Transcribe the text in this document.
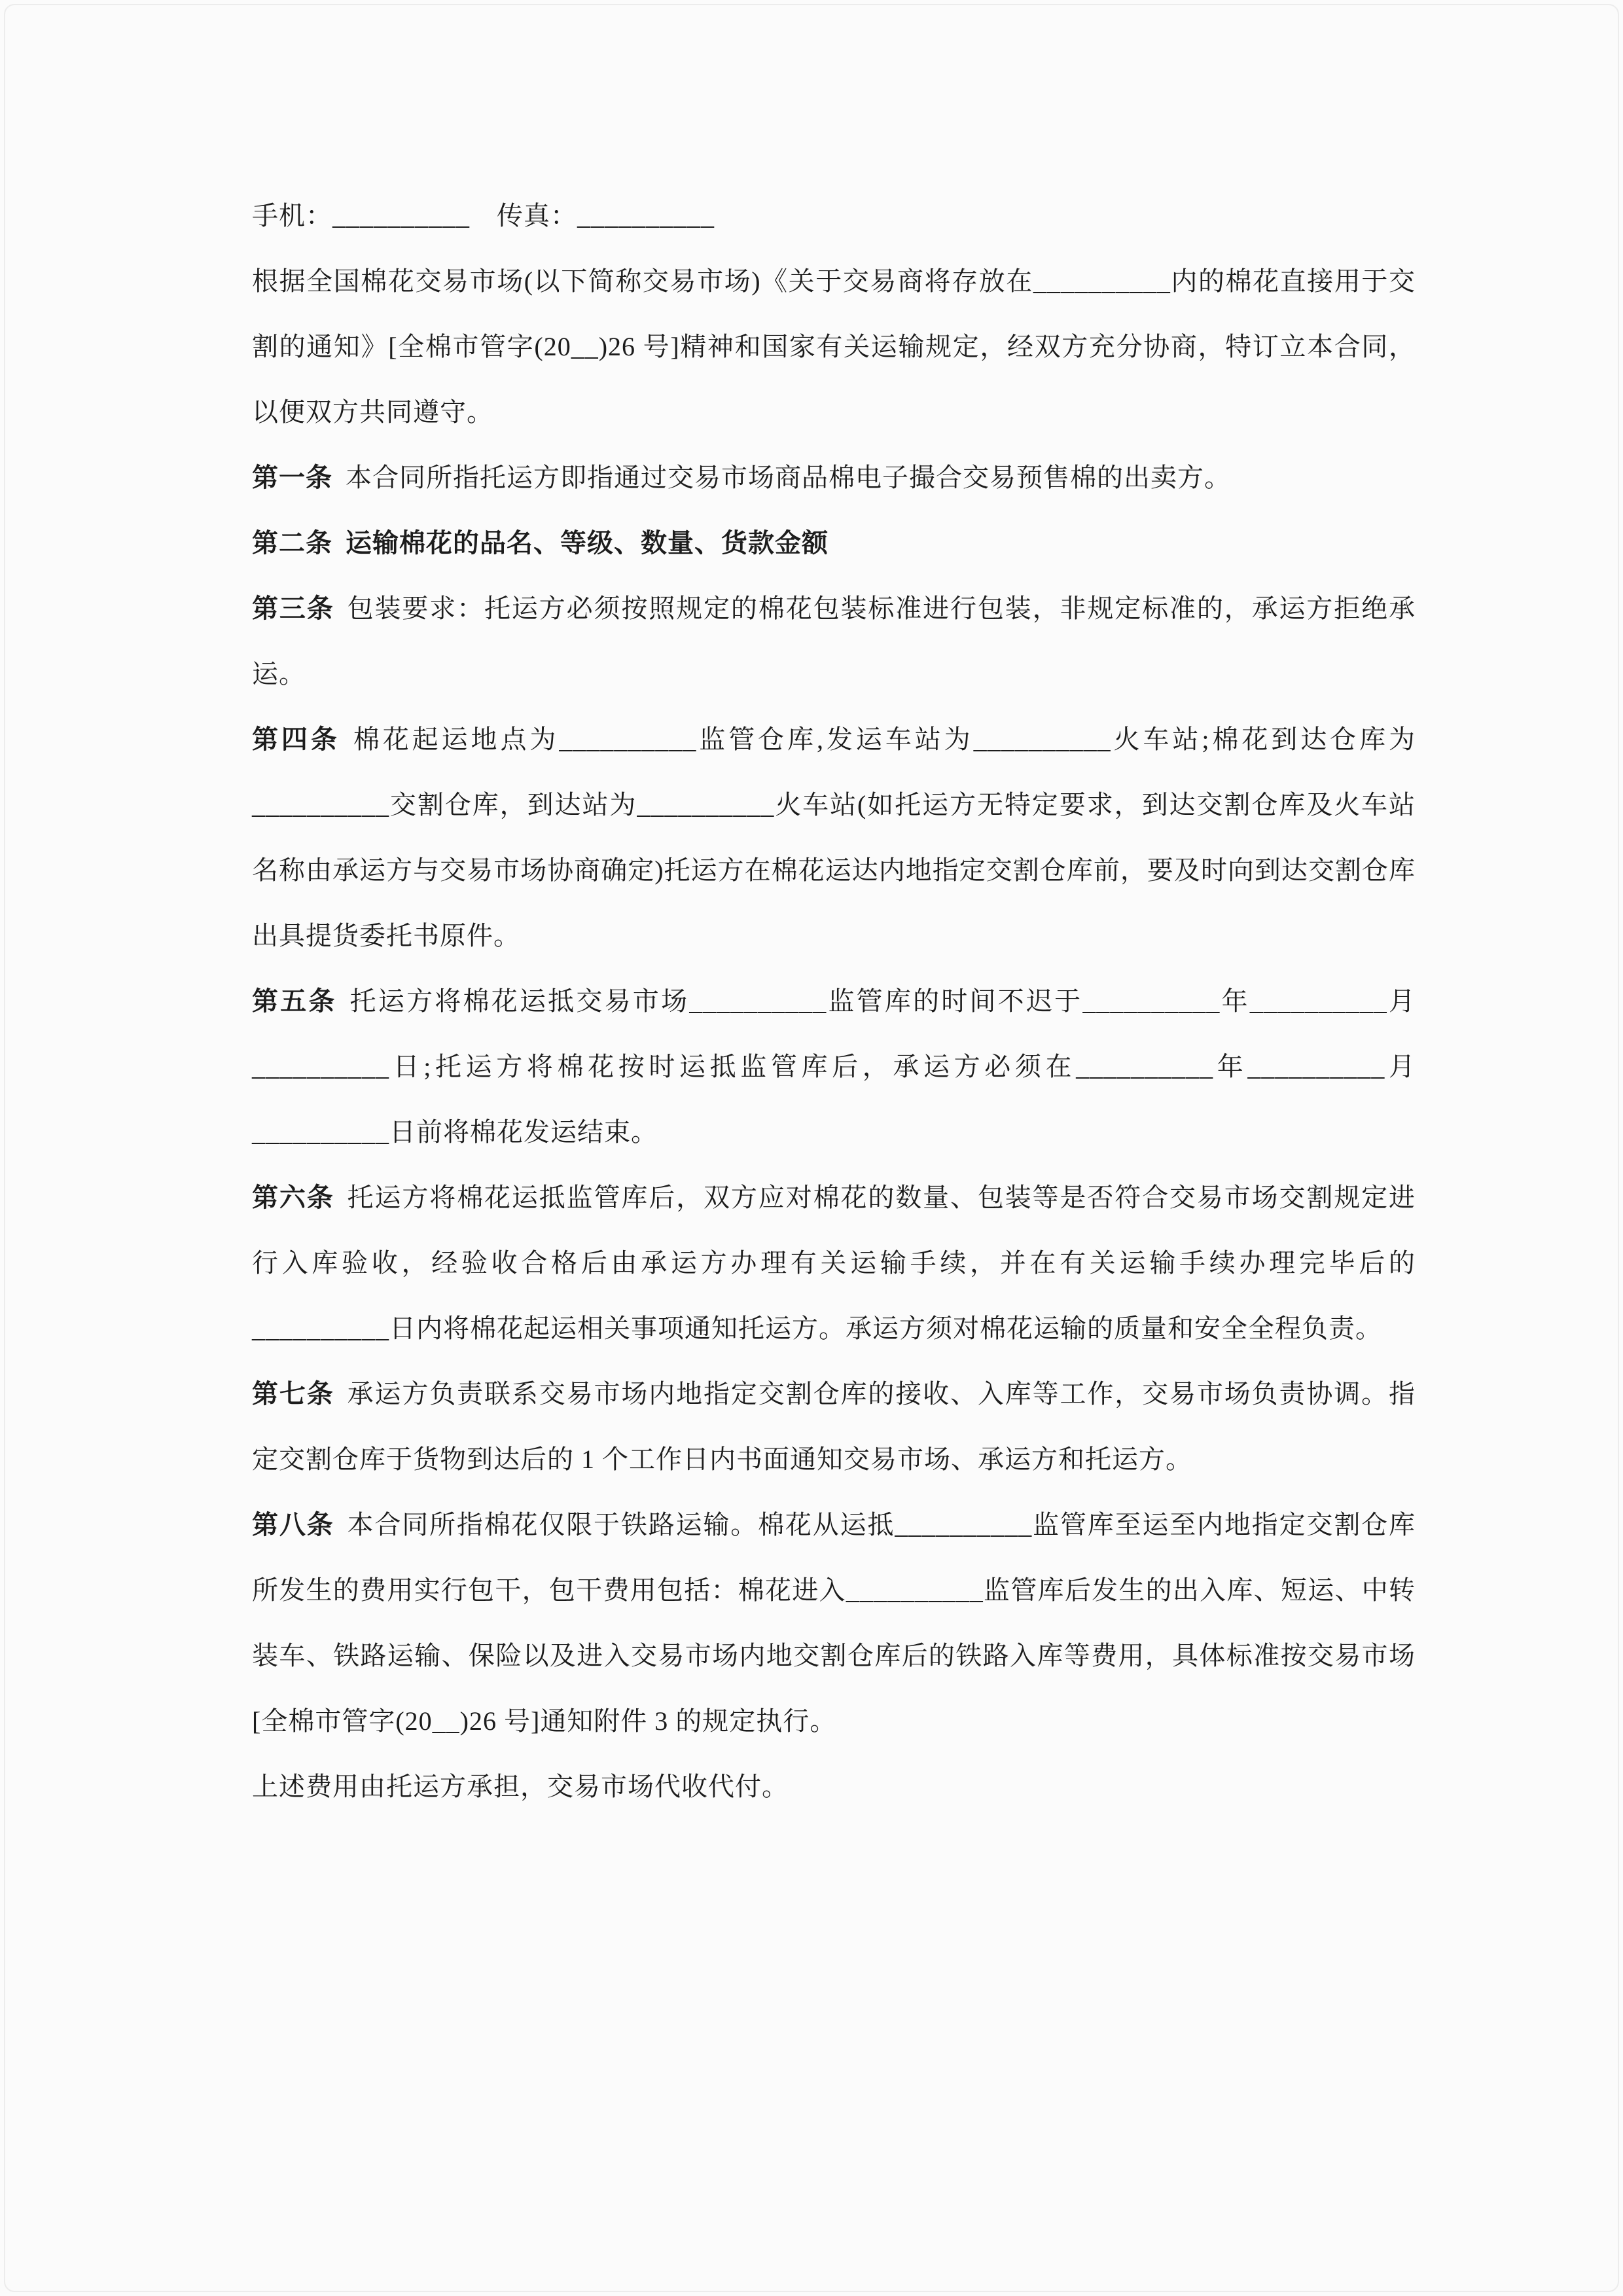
手机：__________　传真：__________

根据全国棉花交易市场(以下简称交易市场)《关于交易商将存放在__________内的棉花直接用于交割的通知》[全棉市管字(20__)26 号]精神和国家有关运输规定，经双方充分协商，特订立本合同，以便双方共同遵守。

第一条 本合同所指托运方即指通过交易市场商品棉电子撮合交易预售棉的出卖方。

第二条 运输棉花的品名、等级、数量、货款金额

第三条 包装要求：托运方必须按照规定的棉花包装标准进行包装，非规定标准的，承运方拒绝承运。

第四条 棉花起运地点为__________监管仓库,发运车站为__________火车站;棉花到达仓库为__________交割仓库，到达站为__________火车站(如托运方无特定要求，到达交割仓库及火车站名称由承运方与交易市场协商确定)托运方在棉花运达内地指定交割仓库前，要及时向到达交割仓库出具提货委托书原件。

第五条 托运方将棉花运抵交易市场__________监管库的时间不迟于__________年__________月__________日;托运方将棉花按时运抵监管库后，承运方必须在__________年__________月__________日前将棉花发运结束。

第六条 托运方将棉花运抵监管库后，双方应对棉花的数量、包装等是否符合交易市场交割规定进行入库验收，经验收合格后由承运方办理有关运输手续，并在有关运输手续办理完毕后的__________日内将棉花起运相关事项通知托运方。承运方须对棉花运输的质量和安全全程负责。

第七条 承运方负责联系交易市场内地指定交割仓库的接收、入库等工作，交易市场负责协调。指定交割仓库于货物到达后的 1 个工作日内书面通知交易市场、承运方和托运方。

第八条 本合同所指棉花仅限于铁路运输。棉花从运抵__________监管库至运至内地指定交割仓库所发生的费用实行包干，包干费用包括：棉花进入__________监管库后发生的出入库、短运、中转装车、铁路运输、保险以及进入交易市场内地交割仓库后的铁路入库等费用，具体标准按交易市场[全棉市管字(20__)26 号]通知附件 3 的规定执行。

上述费用由托运方承担，交易市场代收代付。
